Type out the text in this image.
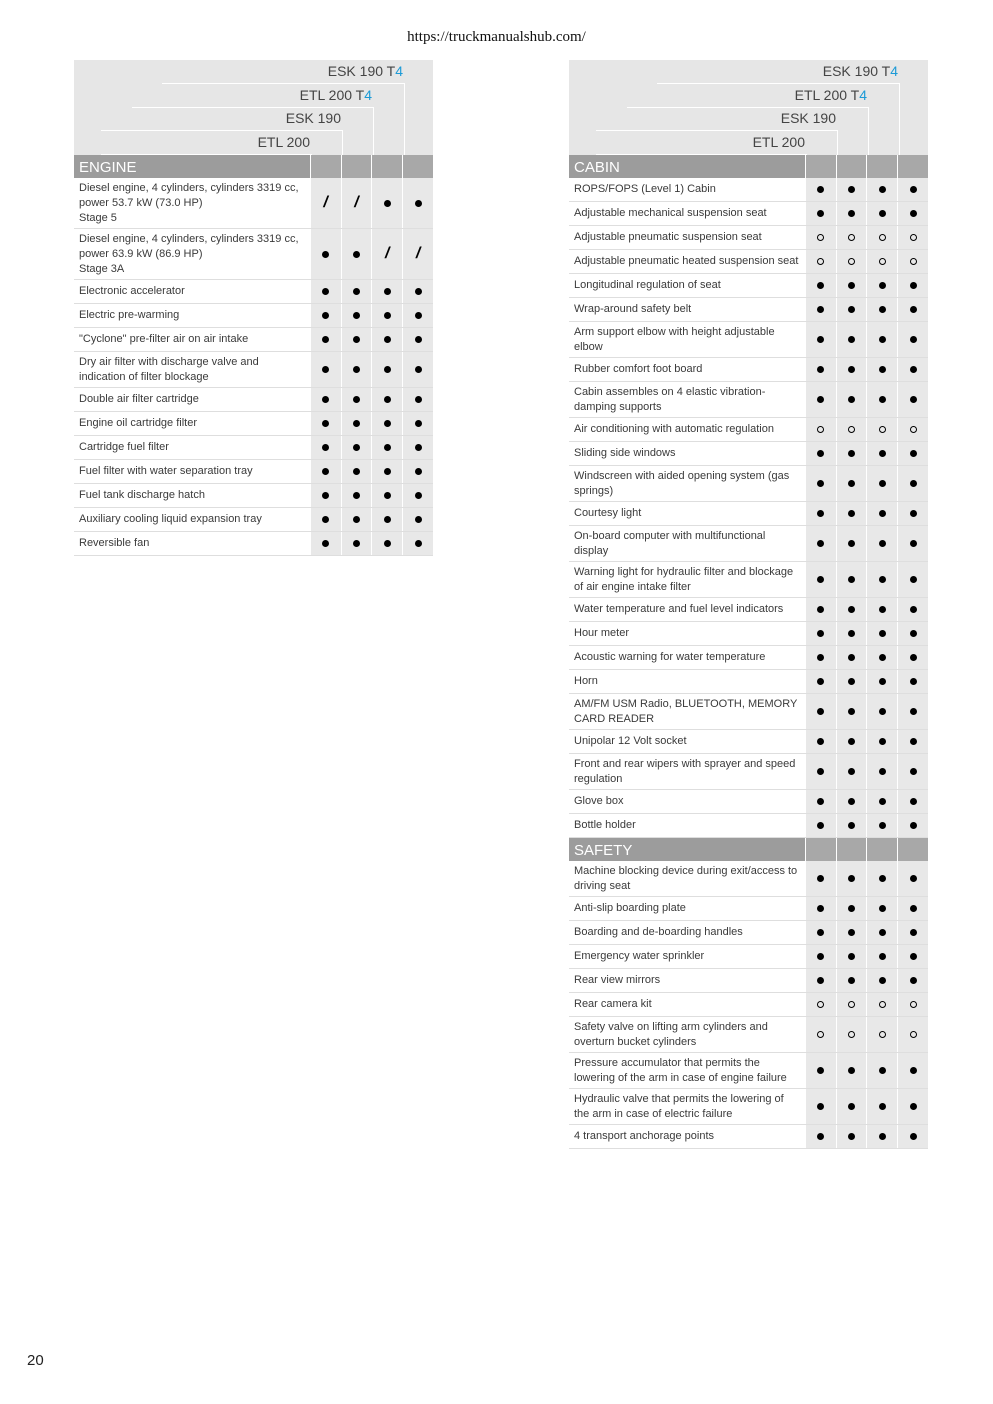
https://truckmanualshub.com/
ESK 190 T4
ETL 200 T4
ESK 190
ETL 200
ENGINE
Diesel engine, 4 cylinders, cylinders 3319 cc, power 53.7 kW (73.0 HP)
Stage 5
/ /
Diesel engine, 4 cylinders, cylinders 3319 cc, power 63.9 kW (86.9 HP)
Stage 3A
/ /
Electronic accelerator
Electric pre-warming
"Cyclone" pre-filter air on air intake
Dry air filter with discharge valve and indication of filter blockage
Double air filter cartridge
Engine oil cartridge filter
Cartridge fuel filter
Fuel filter with water separation tray
Fuel tank discharge hatch
Auxiliary cooling liquid expansion tray
Reversible fan
ESK 190 T4
ETL 200 T4
ESK 190
ETL 200
CABIN
ROPS/FOPS (Level 1) Cabin
Adjustable mechanical suspension seat
Adjustable pneumatic suspension seat
Adjustable pneumatic heated suspension seat
Longitudinal regulation of seat
Wrap-around safety belt
Arm support elbow with height adjustable elbow
Rubber comfort foot board
Cabin assembles on 4 elastic vibration-damping supports
Air conditioning with automatic regulation
Sliding side windows
Windscreen with aided opening system (gas springs)
Courtesy light
On-board computer with multifunctional display
Warning light for hydraulic filter and blockage of air engine intake filter
Water temperature and fuel level indicators
Hour meter
Acoustic warning for water temperature
Horn
AM/FM USM Radio, BLUETOOTH, MEMORY CARD READER
Unipolar 12 Volt socket
Front and rear wipers with sprayer and speed regulation
Glove box
Bottle holder
SAFETY
Machine blocking device during exit/access to driving seat
Anti-slip boarding plate
Boarding and de-boarding handles
Emergency water sprinkler
Rear view mirrors
Rear camera kit
Safety valve on lifting arm cylinders and overturn bucket cylinders
Pressure accumulator that permits the lowering of the arm in case of engine failure
Hydraulic valve that permits the lowering of the arm in case of electric failure
4 transport anchorage points
20
